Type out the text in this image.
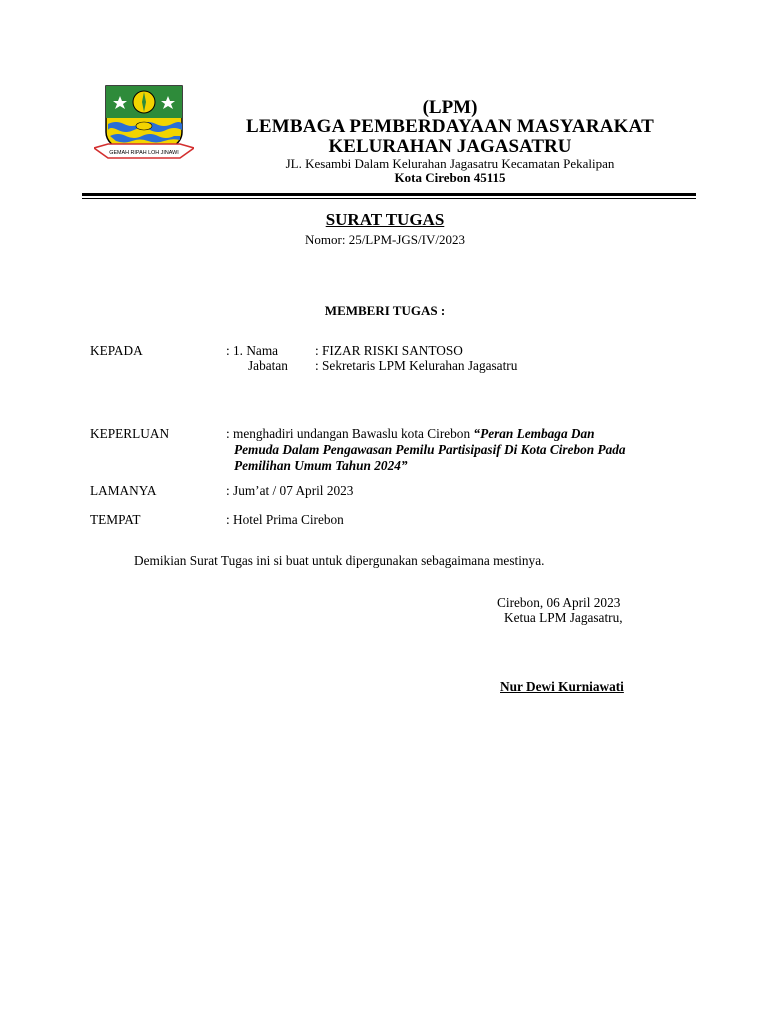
GEMAH RIPAH LOH JINAWI
(LPM)
LEMBAGA PEMBERDAYAAN MASYARAKAT
KELURAHAN JAGASATRU
JL. Kesambi Dalam Kelurahan Jagasatru Kecamatan Pekalipan
Kota Cirebon 45115
SURAT TUGAS
Nomor: 25/LPM-JGS/IV/2023
MEMBERI TUGAS :
KEPADA	: 1. Nama	: FIZAR RISKI SANTOSO
Jabatan : Sekretaris LPM Kelurahan Jagasatru
KEPERLUAN	: menghadiri undangan Bawaslu kota Cirebon “Peran Lembaga Dan
Pemuda Dalam Pengawasan Pemilu Partisipasif Di Kota Cirebon Pada
Pemilihan Umum Tahun 2024”
LAMANYA	: Jum’at / 07 April 2023
TEMPAT	: Hotel Prima Cirebon
Demikian Surat Tugas ini si buat untuk dipergunakan sebagaimana mestinya.
Cirebon, 06 April 2023
Ketua LPM Jagasatru,
Nur Dewi Kurniawati
